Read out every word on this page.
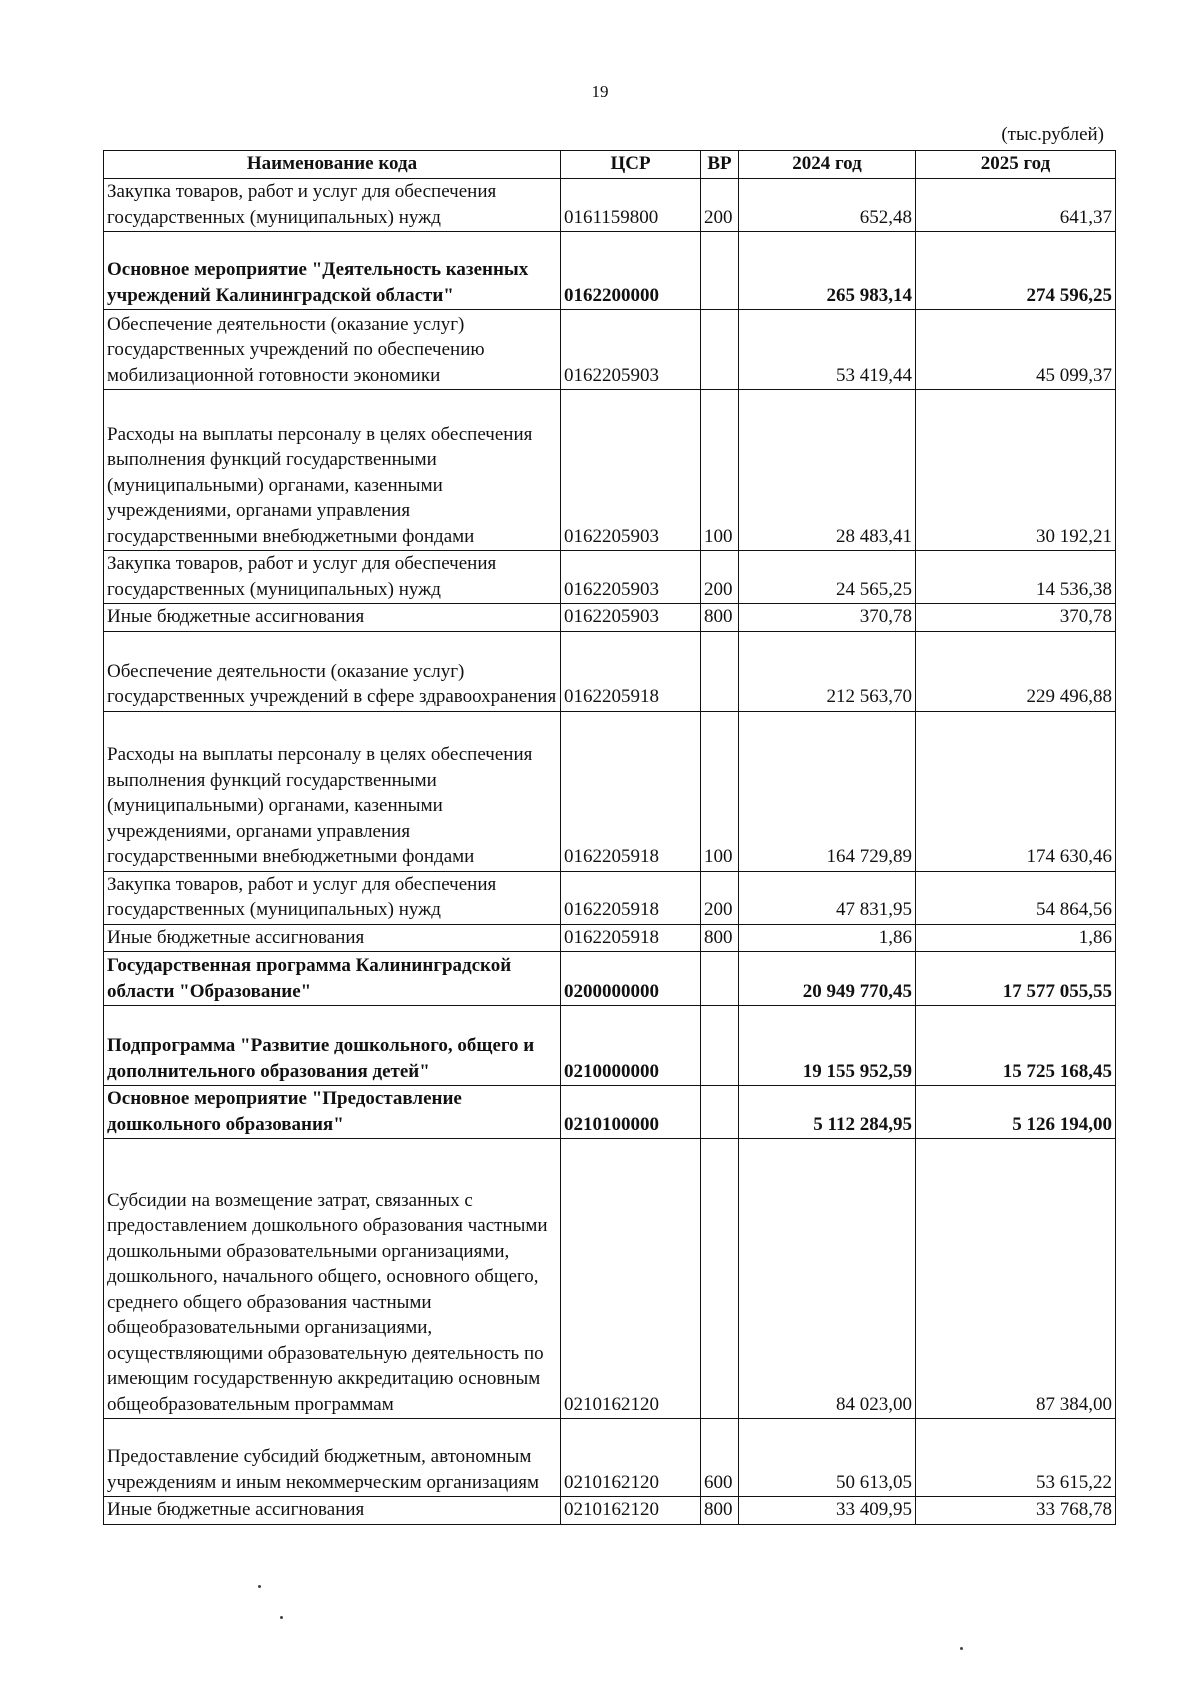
19
(тыс.рублей)
Наименование кода	ЦСР	ВР	2024 год	2025 год
Закупка товаров, работ и услуг для обеспечения государственных (муниципальных) нужд	0161159800	200	652,48	641,37
Основное мероприятие "Деятельность казенных учреждений Калининградской области"	0162200000		265 983,14	274 596,25
Обеспечение деятельности (оказание услуг) государственных учреждений по обеспечению мобилизационной готовности экономики	0162205903		53 419,44	45 099,37
Расходы на выплаты персоналу в целях обеспечения выполнения функций государственными (муниципальными) органами, казенными учреждениями, органами управления государственными внебюджетными фондами	0162205903	100	28 483,41	30 192,21
Закупка товаров, работ и услуг для обеспечения государственных (муниципальных) нужд	0162205903	200	24 565,25	14 536,38
Иные бюджетные ассигнования	0162205903	800	370,78	370,78
Обеспечение деятельности (оказание услуг) государственных учреждений в сфере здравоохранения	0162205918		212 563,70	229 496,88
Расходы на выплаты персоналу в целях обеспечения выполнения функций государственными (муниципальными) органами, казенными учреждениями, органами управления государственными внебюджетными фондами	0162205918	100	164 729,89	174 630,46
Закупка товаров, работ и услуг для обеспечения государственных (муниципальных) нужд	0162205918	200	47 831,95	54 864,56
Иные бюджетные ассигнования	0162205918	800	1,86	1,86
Государственная программа Калининградской области "Образование"	0200000000		20 949 770,45	17 577 055,55
Подпрограмма "Развитие дошкольного, общего и дополнительного образования детей"	0210000000		19 155 952,59	15 725 168,45
Основное мероприятие "Предоставление дошкольного образования"	0210100000		5 112 284,95	5 126 194,00
Субсидии на возмещение затрат, связанных с предоставлением дошкольного образования частными дошкольными образовательными организациями, дошкольного, начального общего, основного общего, среднего общего образования частными общеобразовательными организациями, осуществляющими образовательную деятельность по имеющим государственную аккредитацию основным общеобразовательным программам	0210162120		84 023,00	87 384,00
Предоставление субсидий бюджетным, автономным учреждениям и иным некоммерческим организациям	0210162120	600	50 613,05	53 615,22
Иные бюджетные ассигнования	0210162120	800	33 409,95	33 768,78
